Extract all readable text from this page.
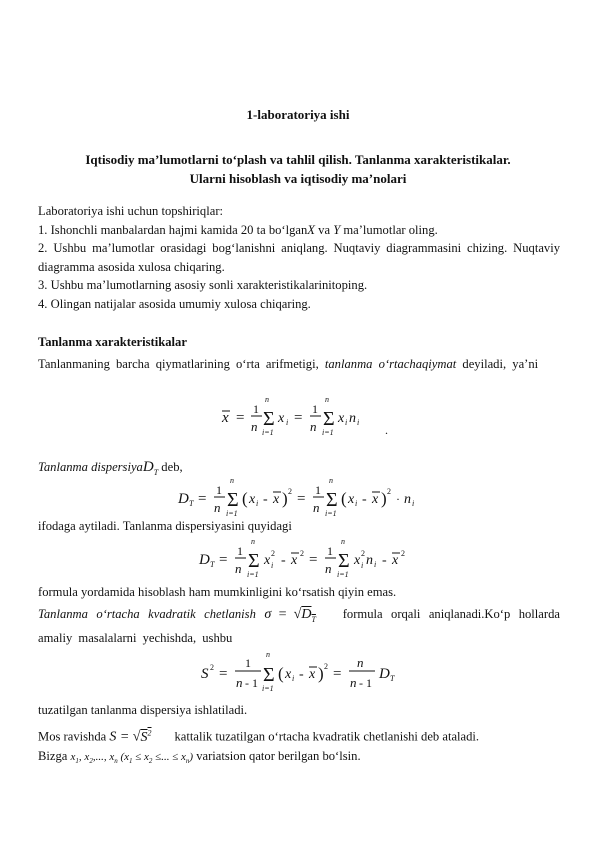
1-laboratoriya ishi
Iqtisodiy ma’lumotlarni to‘plash va tahlil qilish. Tanlanma xarakteristikalar.
Ularni hisoblash va iqtisodiy ma’nolari
Laboratoriya ishi uchun topshiriqlar:
1. Ishonchli manbalardan hajmi kamida 20 ta bo‘lganX va Y ma’lumotlar oling.
2. Ushbu ma’lumotlar orasidagi bog‘lanishni aniqlang. Nuqtaviy diagrammasini chizing. Nuqtaviy diagramma asosida xulosa chiqaring.
3. Ushbu ma’lumotlarning asosiy sonli xarakteristikalarinitoping.
4. Olingan natijalar asosida umumiy xulosa chiqaring.
Tanlanma xarakteristikalar
Tanlanmaning barcha qiymatlarining o‘rta arifmetigi, tanlanma o‘rtachaqiymat deyiladi, ya’ni
x =
1
n
n
Σ
i=1
x i =
1
n
n
Σ
i=1
x i n i
.
Tanlanma dispersiyaD$_T$ deb,
D T =
1
n
n
Σ
i=1
( x i - x ) 2 =
1
n
n
Σ
i=1
( x i - x ) 2
· n i
ifodaga aytiladi. Tanlanma dispersiyasini quyidagi
D T =
1
n
n
Σ
i=1
x 2
i - x 2 =
1
n
n
Σ
i=1
x 2
i n i - x 2
formula yordamida hisoblash ham mumkinligini ko‘rsatish qiyin emas.
Tanlanma o‘rtacha kvadratik chetlanish $\sigma = √D_T$ formula orqali aniqlanadi.Ko‘p hollarda amaliy masalalarni yechishda, ushbu
S 2 =
1
n - 1
n
Σ
i=1
( x i - x ) 2 =
n
n - 1
D T
tuzatilgan tanlanma dispersiya ishlatiladi.
Mos ravishda $S = √S^2$ kattalik tuzatilgan o‘rtacha kvadratik chetlanishi deb ataladi.
Bizga $x_1$, $x_2$,..., $x_n$ ($x_1 \le x_2$ ≤... ≤ $x_n$) variatsion qator berilgan bo‘lsin.
